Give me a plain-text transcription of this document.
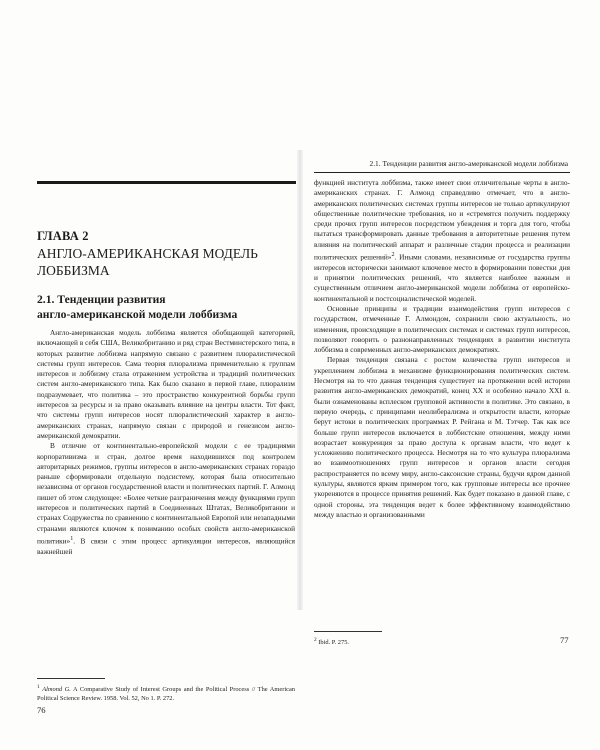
ГЛАВА 2
АНГЛО-АМЕРИКАНСКАЯ МОДЕЛЬ
ЛОББИЗМА
2.1. Тенденции развития
англо-американской модели лоббизма

Англо-американская модель лоббизма является обобщающей категорией, включающей в себя США, Великобританию и ряд стран Вестминстерского типа, в которых развитие лоббизма напрямую связано с развитием плюралистической системы групп интересов. Сама теория плюрализма применительно к группам интересов и лоббизму стала отражением устройства и традиций политических систем англо-американского типа. Как было сказано в первой главе, плюрализм подразумевает, что политика – это пространство конкурентной борьбы групп интересов за ресурсы и за право оказывать влияние на центры власти. Тот факт, что системы групп интересов носят плюралистический характер в англо-американских странах, напрямую связан с природой и генезисом англо-американской демократии.

В отличие от континентально-европейской модели с ее традициями корпоративизма и стран, долгое время находившихся под контролем авторитарных режимов, группы интересов в англо-американских странах гораздо раньше сформировали отдельную подсистему, которая была относительно независима от органов государственной власти и политических партий. Г. Алмонд пишет об этом следующее: «Более четкие разграничения между функциями групп интересов и политических партий в Соединенных Штатах, Великобритании и странах Содружества по сравнению с континентальной Европой или незападными странами являются ключом к пониманию особых свойств англо-американской политики»$^1$. В связи с этим процесс артикуляции интересов, являющийся важнейшей

$^1$ Almond G. A Comparative Study of Interest Groups and the Political Process // The American Political Science Review. 1958. Vol. 52, No 1. P. 272.

76

2.1. Тенденции развития англо-американской модели лоббизма

функцией института лоббизма, также имеет свои отличительные черты в англо-американских странах. Г. Алмонд справедливо отмечает, что в англо-американских политических системах группы интересов не только артикулируют общественные политические требования, но и «стремятся получить поддержку среди прочих групп интересов посредством убеждения и торга для того, чтобы пытаться трансформировать данные требования в авторитетные решения путем влияния на политический аппарат и различные стадии процесса и реализации политических решений»$^2$. Иными словами, независимые от государства группы интересов исторически занимают ключевое место в формировании повестки дня и принятии политических решений, что является наиболее важным и существенным отличием англо-американской модели лоббизма от европейско-континентальной и постсоциалистической моделей.

Основные принципы и традиции взаимодействия групп интересов с государством, отмеченные Г. Алмондом, сохранили свою актуальность, но изменения, происходящие в политических системах и системах групп интересов, позволяют говорить о разнонаправленных тенденциях в развитии института лоббизма в современных англо-американских демократиях.

Первая тенденция связана с ростом количества групп интересов и укреплением лоббизма в механизме функционирования политических систем. Несмотря на то что данная тенденция существует на протяжении всей истории развития англо-американских демократий, конец XX и особенно начало XXI в. были ознаменованы всплеском групповой активности в политике. Это связано, в первую очередь, с принципами неолиберализма и открытости власти, которые берут истоки в политических программах Р. Рейгана и М. Тэтчер. Так как все больше групп интересов включается в лоббистские отношения, между ними возрастает конкуренция за право доступа к органам власти, что ведет к усложнению политического процесса. Несмотря на то что культура плюрализма во взаимоотношениях групп интересов и органов власти сегодня распространяется по всему миру, англо-саксонские страны, будучи ядром данной культуры, являются ярким примером того, как групповые интересы все прочнее укореняются в процессе принятия решений. Как будет показано в данной главе, с одной стороны, эта тенденция ведет к более эффективному взаимодействию между властью и организованными

$^2$ Ibid. P. 275.	77
